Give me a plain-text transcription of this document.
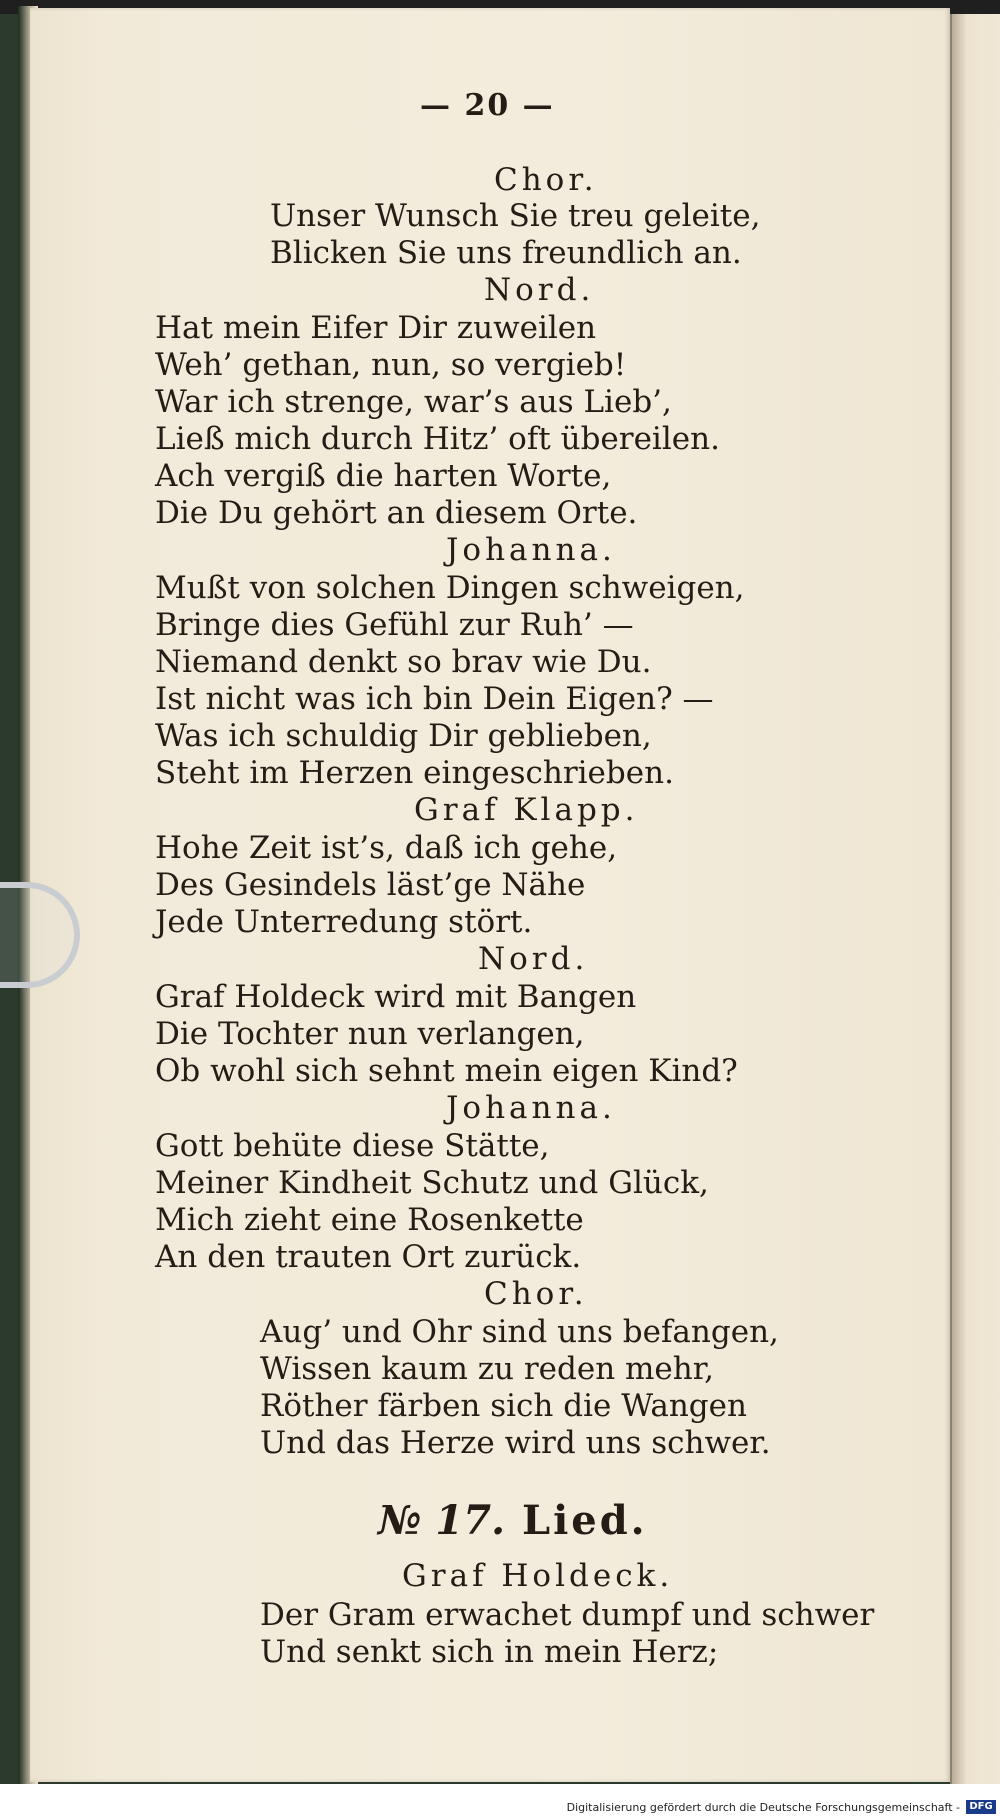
— 20 —
Chor.
Unser Wunsch Sie treu geleite,
Blicken Sie uns freundlich an.
Nord.
Hat mein Eifer Dir zuweilen
Weh’ gethan, nun, so vergieb!
War ich strenge, war’s aus Lieb’,
Ließ mich durch Hitz’ oft übereilen.
Ach vergiß die harten Worte,
Die Du gehört an diesem Orte.
Johanna.
Mußt von solchen Dingen schweigen,
Bringe dies Gefühl zur Ruh’ —
Niemand denkt so brav wie Du.
Ist nicht was ich bin Dein Eigen? —
Was ich schuldig Dir geblieben,
Steht im Herzen eingeschrieben.
Graf Klapp.
Hohe Zeit ist’s, daß ich gehe,
Des Gesindels läst’ge Nähe
Jede Unterredung stört.
Nord.
Graf Holdeck wird mit Bangen
Die Tochter nun verlangen,
Ob wohl sich sehnt mein eigen Kind?
Johanna.
Gott behüte diese Stätte,
Meiner Kindheit Schutz und Glück,
Mich zieht eine Rosenkette
An den trauten Ort zurück.
Chor.
Aug’ und Ohr sind uns befangen,
Wissen kaum zu reden mehr,
Röther färben sich die Wangen
Und das Herze wird uns schwer.
№ 17. Lied.
Graf Holdeck.
Der Gram erwachet dumpf und schwer
Und senkt sich in mein Herz;
Digitalisierung gefördert durch die Deutsche Forschungsgemeinschaft - DFG
